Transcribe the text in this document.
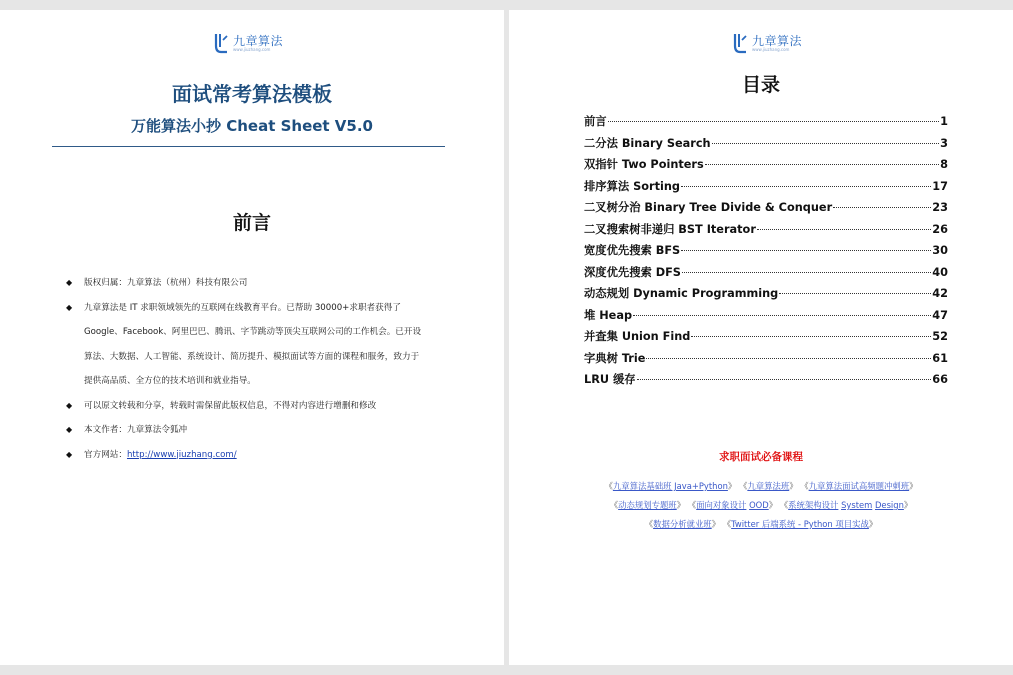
九章算法
www.jiuzhang.com
面试常考算法模板
万能算法小抄 Cheat Sheet V5.0
前言
◆ 版权归属：九章算法（杭州）科技有限公司
◆ 九章算法是 IT 求职领域领先的互联网在线教育平台。已帮助 30000+求职者获得了
Google、Facebook、阿里巴巴、腾讯、字节跳动等顶尖互联网公司的工作机会。已开设
算法、大数据、人工智能、系统设计、简历提升、模拟面试等方面的课程和服务，致力于
提供高品质、全方位的技术培训和就业指导。
◆ 可以原文转载和分享，转载时需保留此版权信息，不得对内容进行增删和修改
◆ 本文作者：九章算法令狐冲
◆ 官方网站：http://www.jiuzhang.com/
九章算法
www.jiuzhang.com
目录
前言	1
二分法 Binary Search	3
双指针 Two Pointers	8
排序算法 Sorting	17
二叉树分治 Binary Tree Divide & Conquer	23
二叉搜索树非递归 BST Iterator	26
宽度优先搜索 BFS	30
深度优先搜索 DFS	40
动态规划 Dynamic Programming	42
堆 Heap	47
并查集 Union Find	52
字典树 Trie	61
LRU 缓存	66
求职面试必备课程
《九章算法基础班 Java+Python》 《九章算法班》 《九章算法面试高频题冲刺班》
《动态规划专题班》 《面向对象设计 OOD》 《系统架构设计 System Design》
《数据分析就业班》 《Twitter 后端系统 - Python 项目实战》
